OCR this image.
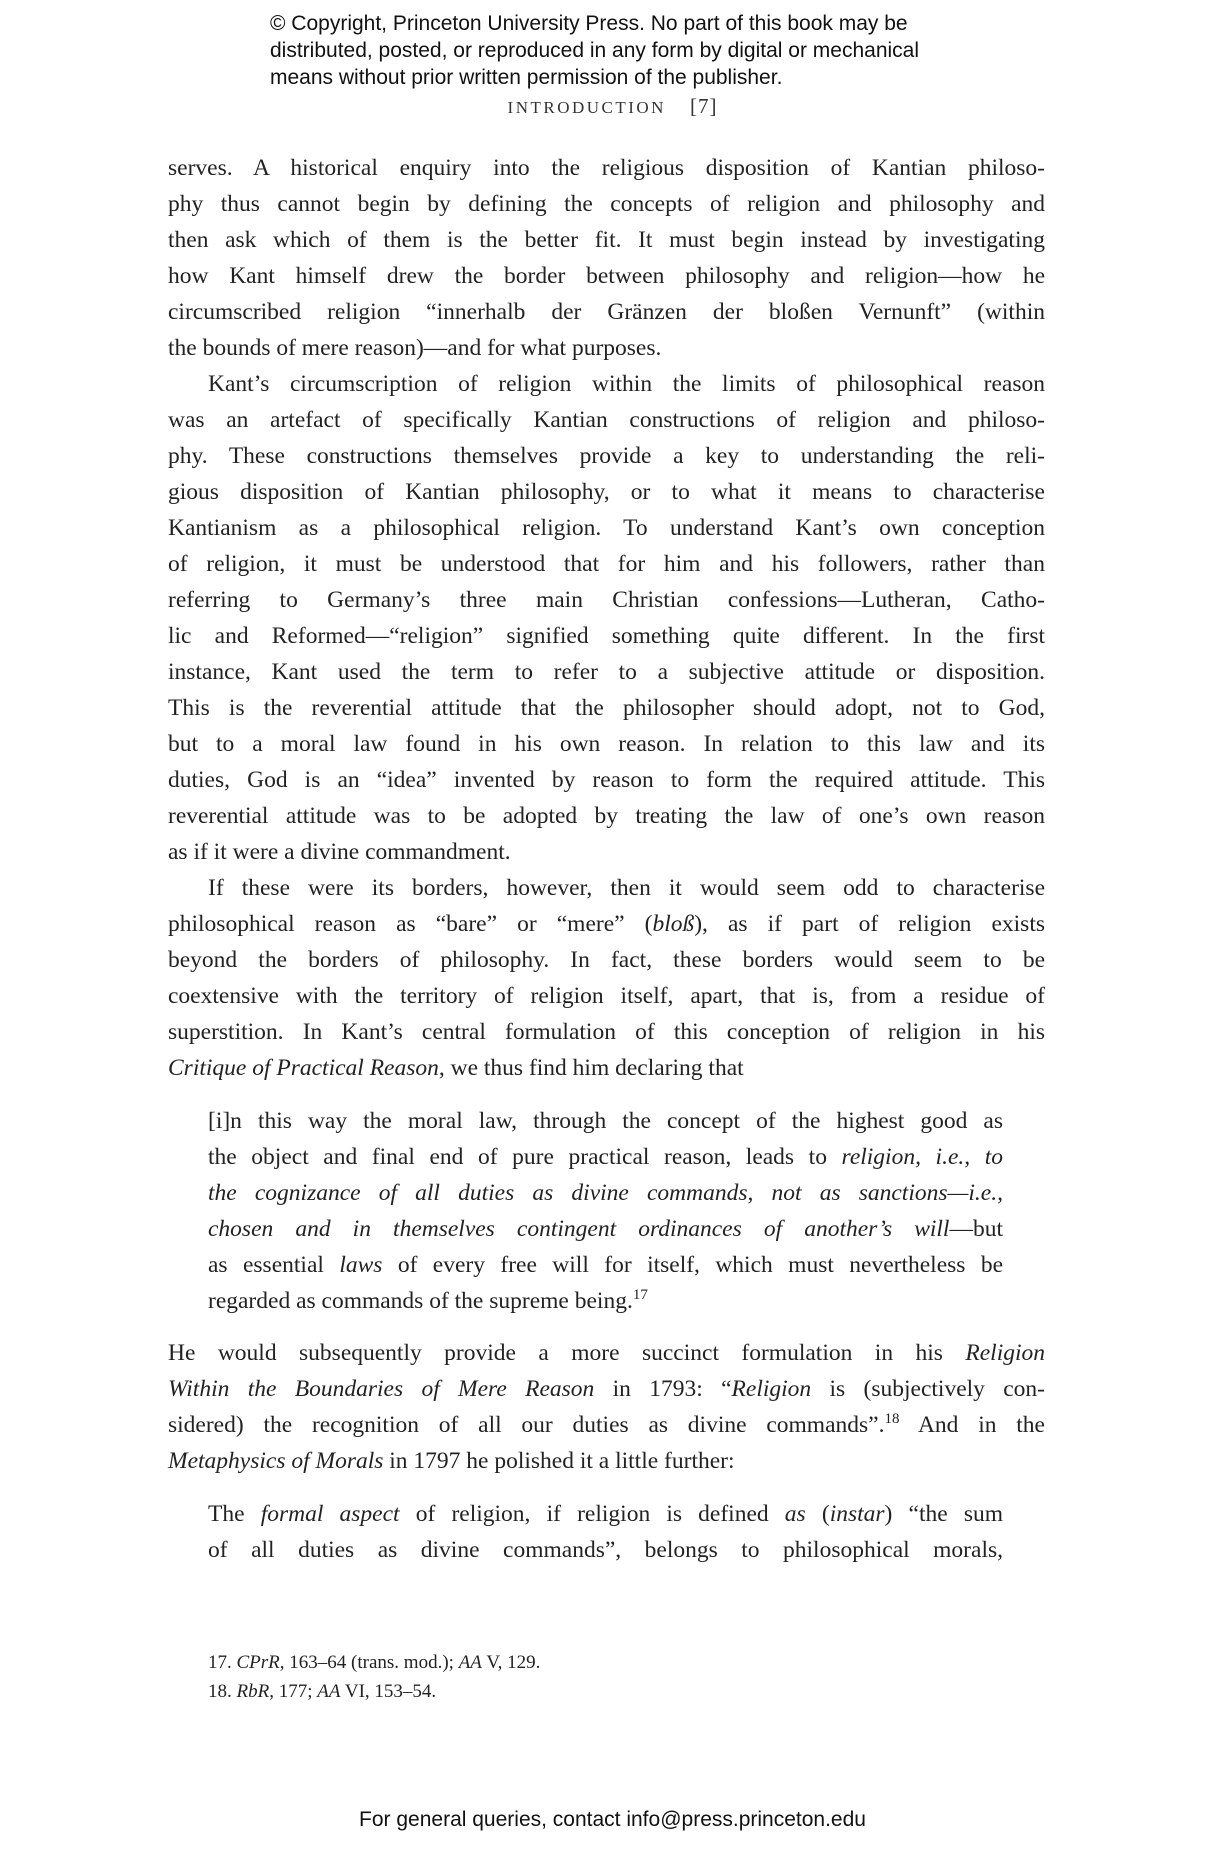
© Copyright, Princeton University Press. No part of this book may be
distributed, posted, or reproduced in any form by digital or mechanical
means without prior written permission of the publisher.
INTRODUCTION [7]
serves. A historical enquiry into the religious disposition of Kantian philoso-
phy thus cannot begin by defining the concepts of religion and philosophy and
then ask which of them is the better fit. It must begin instead by investigating
how Kant himself drew the border between philosophy and religion—how he
circumscribed religion “innerhalb der Gränzen der bloßen Vernunft” (within
the bounds of mere reason)—and for what purposes.
Kant’s circumscription of religion within the limits of philosophical reason
was an artefact of specifically Kantian constructions of religion and philoso-
phy. These constructions themselves provide a key to understanding the reli-
gious disposition of Kantian philosophy, or to what it means to characterise
Kantianism as a philosophical religion. To understand Kant’s own conception
of religion, it must be understood that for him and his followers, rather than
referring to Germany’s three main Christian confessions—Lutheran, Catho-
lic and Reformed—“religion” signified something quite different. In the first
instance, Kant used the term to refer to a subjective attitude or disposition.
This is the reverential attitude that the philosopher should adopt, not to God,
but to a moral law found in his own reason. In relation to this law and its
duties, God is an “idea” invented by reason to form the required attitude. This
reverential attitude was to be adopted by treating the law of one’s own reason
as if it were a divine commandment.
If these were its borders, however, then it would seem odd to characterise
philosophical reason as “bare” or “mere” (bloß), as if part of religion exists
beyond the borders of philosophy. In fact, these borders would seem to be
coextensive with the territory of religion itself, apart, that is, from a residue of
superstition. In Kant’s central formulation of this conception of religion in his
Critique of Practical Reason, we thus find him declaring that
[i]n this way the moral law, through the concept of the highest good as
the object and final end of pure practical reason, leads to religion, i.e., to
the cognizance of all duties as divine commands, not as sanctions—i.e.,
chosen and in themselves contingent ordinances of another’s will—but
as essential laws of every free will for itself, which must nevertheless be
regarded as commands of the supreme being.$^{17}$
He would subsequently provide a more succinct formulation in his Religion
Within the Boundaries of Mere Reason in 1793: “Religion is (subjectively con-
sidered) the recognition of all our duties as divine commands”.$^{18}$ And in the
Metaphysics of Morals in 1797 he polished it a little further:
The formal aspect of religion, if religion is defined as (instar) “the sum
of all duties as divine commands”, belongs to philosophical morals,
17. CPrR, 163–64 (trans. mod.); AA V, 129.
18. RbR, 177; AA VI, 153–54.
For general queries, contact info@press.princeton.edu
